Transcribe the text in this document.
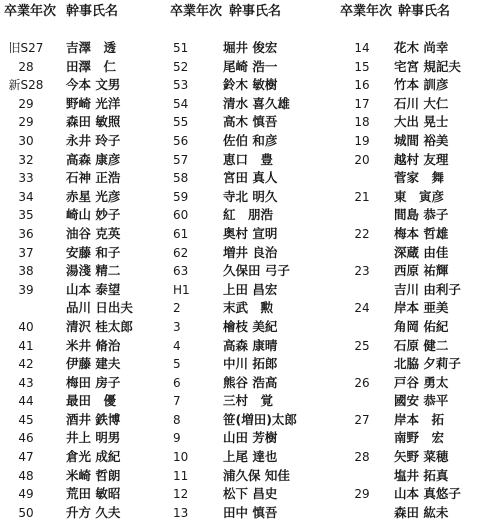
卒業年次 幹事氏名
旧S27	吉澤　透
28	田澤　仁
新S28	今本 文男
29	野崎 光洋
29	森田 敏照
30	永井 玲子
32	高森 康彦
33	石神 正浩
34	赤星 光彦
35	崎山 妙子
36	油谷 克英
37	安藤 和子
38	湯淺 精二
39	山本 泰望
品川 日出夫
40	清沢 桂太郎
41	米井 脩治
42	伊藤 建夫
43	梅田 房子
44	最田　優
45	酒井 鉄博
46	井上 明男
47	倉光 成紀
48	米崎 哲朗
49	荒田 敏昭
50	升方 久夫
卒業年次 幹事氏名
51	堀井 俊宏
52	尾崎 浩一
53	鈴木 敏樹
54	清水 喜久雄
55	高木 慎吾
56	佐伯 和彦
57	恵口　豊
58	宮田 真人
59	寺北 明久
60	紅　朋浩
61	奥村 宣明
62	増井 良治
63	久保田 弓子
H1	上田 昌宏
2	末武　勲
3	檜枝 美紀
4	高森 康晴
5	中川 拓郎
6	熊谷 浩高
7	三村　覚
8	笹(増田)太郎
9	山田 芳樹
10	上尾 達也
11	浦久保 知佳
12	松下 昌史
13	田中 慎吾
卒業年次 幹事氏名
14	花木 尚幸
15	宅宮 規記夫
16	竹本 訓彦
17	石川 大仁
18	大出 晃士
19	城間 裕美
20	越村 友理
菅家　舞
21	東　寅彦
間島 恭子
22	梅本 哲雄
深蔵 由佳
23	西原 祐輝
吉川 由利子
24	岸本 亜美
角岡 佑紀
25	石原 健二
北脇 夕莉子
26	戸谷 勇太
國安 恭平
27	岸本　拓
南野　宏
28	矢野 菜穂
塩井 拓真
29	山本 真悠子
森田 紘未
